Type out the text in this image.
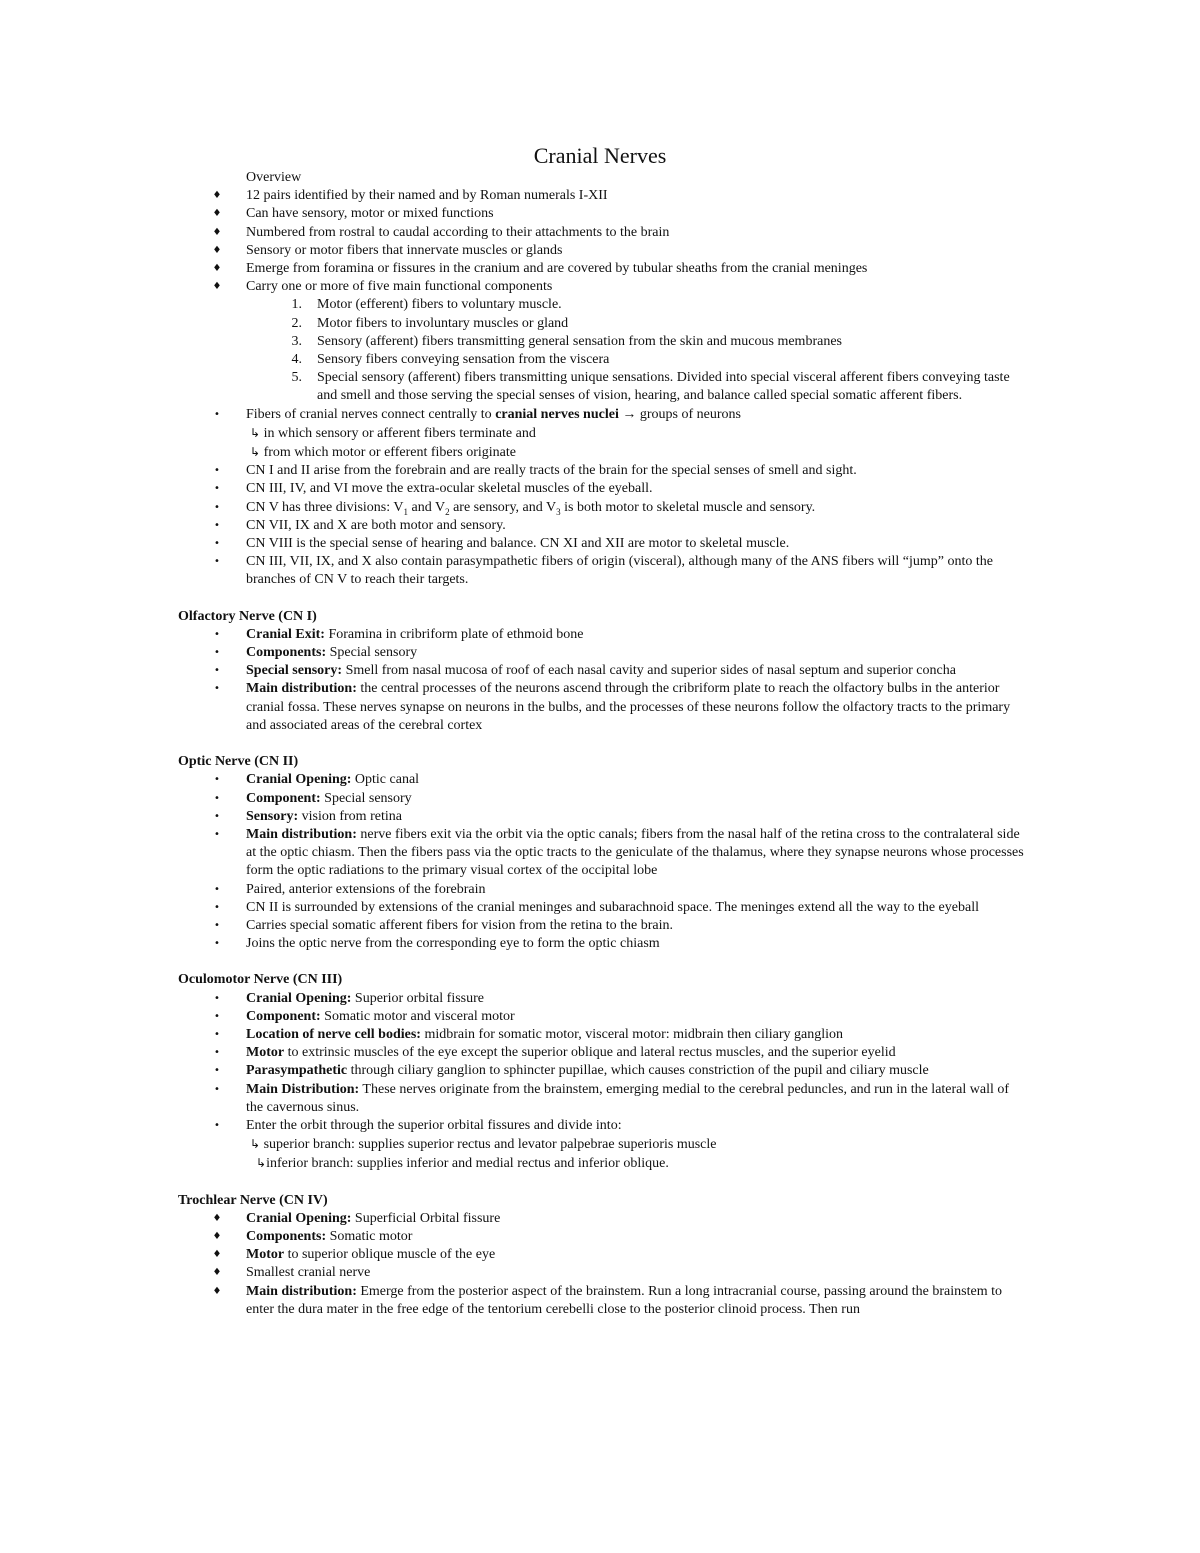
Cranial Nerves
Overview
♦ 12 pairs identified by their named and by Roman numerals I-XII
♦ Can have sensory, motor or mixed functions
♦ Numbered from rostral to caudal according to their attachments to the brain
♦ Sensory or motor fibers that innervate muscles or glands
♦ Emerge from foramina or fissures in the cranium and are covered by tubular sheaths from the cranial meninges
♦ Carry one or more of five main functional components
1. Motor (efferent) fibers to voluntary muscle.
2. Motor fibers to involuntary muscles or gland
3. Sensory (afferent) fibers transmitting general sensation from the skin and mucous membranes
4. Sensory fibers conveying sensation from the viscera
5. Special sensory (afferent) fibers transmitting unique sensations. Divided into special visceral afferent fibers conveying taste and smell and those serving the special senses of vision, hearing, and balance called special somatic afferent fibers.
• Fibers of cranial nerves connect centrally to cranial nerves nuclei → groups of neurons
↳ in which sensory or afferent fibers terminate and
↳ from which motor or efferent fibers originate
• CN I and II arise from the forebrain and are really tracts of the brain for the special senses of smell and sight.
• CN III, IV, and VI move the extra-ocular skeletal muscles of the eyeball.
• CN V has three divisions: $V_1$ and $V_2$ are sensory, and $V_3$ is both motor to skeletal muscle and sensory.
• CN VII, IX and X are both motor and sensory.
• CN VIII is the special sense of hearing and balance. CN XI and XII are motor to skeletal muscle.
• CN III, VII, IX, and X also contain parasympathetic fibers of origin (visceral), although many of the ANS fibers will “jump” onto the branches of CN V to reach their targets.
Olfactory Nerve (CN I)
• Cranial Exit: Foramina in cribriform plate of ethmoid bone
• Components: Special sensory
• Special sensory: Smell from nasal mucosa of roof of each nasal cavity and superior sides of nasal septum and superior concha
• Main distribution: the central processes of the neurons ascend through the cribriform plate to reach the olfactory bulbs in the anterior cranial fossa. These nerves synapse on neurons in the bulbs, and the processes of these neurons follow the olfactory tracts to the primary and associated areas of the cerebral cortex
Optic Nerve (CN II)
• Cranial Opening: Optic canal
• Component: Special sensory
• Sensory: vision from retina
• Main distribution: nerve fibers exit via the orbit via the optic canals; fibers from the nasal half of the retina cross to the contralateral side at the optic chiasm. Then the fibers pass via the optic tracts to the geniculate of the thalamus, where they synapse neurons whose processes form the optic radiations to the primary visual cortex of the occipital lobe
• Paired, anterior extensions of the forebrain
• CN II is surrounded by extensions of the cranial meninges and subarachnoid space. The meninges extend all the way to the eyeball
• Carries special somatic afferent fibers for vision from the retina to the brain.
• Joins the optic nerve from the corresponding eye to form the optic chiasm
Oculomotor Nerve (CN III)
• Cranial Opening: Superior orbital fissure
• Component: Somatic motor and visceral motor
• Location of nerve cell bodies: midbrain for somatic motor, visceral motor: midbrain then ciliary ganglion
• Motor to extrinsic muscles of the eye except the superior oblique and lateral rectus muscles, and the superior eyelid
• Parasympathetic through ciliary ganglion to sphincter pupillae, which causes constriction of the pupil and ciliary muscle
• Main Distribution: These nerves originate from the brainstem, emerging medial to the cerebral peduncles, and run in the lateral wall of the cavernous sinus.
• Enter the orbit through the superior orbital fissures and divide into:
↳ superior branch: supplies superior rectus and levator palpebrae superioris muscle
↳inferior branch: supplies inferior and medial rectus and inferior oblique.
Trochlear Nerve (CN IV)
♦ Cranial Opening: Superficial Orbital fissure
♦ Components: Somatic motor
♦ Motor to superior oblique muscle of the eye
♦ Smallest cranial nerve
♦ Main distribution: Emerge from the posterior aspect of the brainstem. Run a long intracranial course, passing around the brainstem to enter the dura mater in the free edge of the tentorium cerebelli close to the posterior clinoid process. Then run
